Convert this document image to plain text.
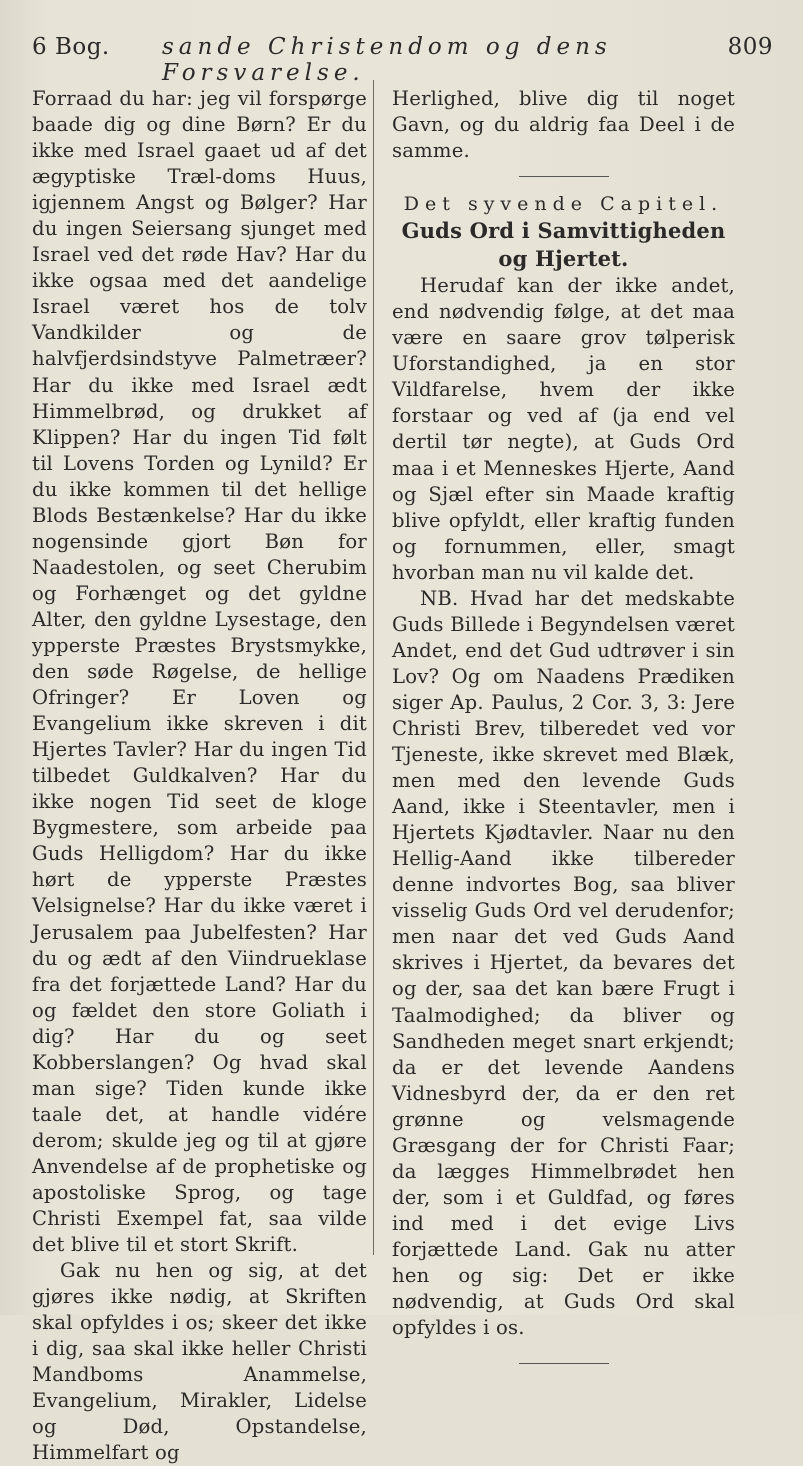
6 Bog. sande Christendom og dens Forsvarelse.
809

Forraad du har: jeg vil forspørge baade dig og dine Børn? Er du ikke med Israel gaaet ud af det ægyptiske Træl-doms Huus, igjennem Angst og Bølger? Har du ingen Seiersang sjunget med Israel ved det røde Hav? Har du ikke ogsaa med det aandelige Israel været hos de tolv Vandkilder og de halvfjerdsindstyve Palmetræer? Har du ikke med Israel ædt Himmelbrød, og drukket af Klippen? Har du ingen Tid følt til Lovens Torden og Lynild? Er du ikke kommen til det hellige Blods Bestænkelse? Har du ikke nogensinde gjort Bøn for Naadestolen, og seet Cherubim og Forhænget og det gyldne Alter, den gyldne Lysestage, den ypperste Præstes Brystsmykke, den søde Røgelse, de hellige Ofringer? Er Loven og Evangelium ikke skreven i dit Hjertes Tavler? Har du ingen Tid tilbedet Guldkalven? Har du ikke nogen Tid seet de kloge Bygmestere, som arbeide paa Guds Helligdom? Har du ikke hørt de ypperste Præstes Velsignelse? Har du ikke været i Jerusalem paa Jubelfesten? Har du og ædt af den Viindrueklase fra det forjættede Land? Har du og fældet den store Goliath i dig? Har du og seet Kobberslangen? Og hvad skal man sige? Tiden kunde ikke taale det, at handle vidére derom; skulde jeg og til at gjøre Anvendelse af de prophetiske og apostoliske Sprog, og tage Christi Exempel fat, saa vilde det blive til et stort Skrift.

Gak nu hen og sig, at det gjøres ikke nødig, at Skriften skal opfyldes i os; skeer det ikke i dig, saa skal ikke heller Christi Mandboms Anammelse, Evangelium, Mirakler, Lidelse og Død, Opstandelse, Himmelfart og

Herlighed, blive dig til noget Gavn, og du aldrig faa Deel i de samme.

Det syvende Capitel.

Guds Ord i Samvittigheden og Hjertet.

Herudaf kan der ikke andet, end nødvendig følge, at det maa være en saare grov tølperisk Uforstandighed, ja en stor Vildfarelse, hvem der ikke forstaar og ved af (ja end vel dertil tør negte), at Guds Ord maa i et Menneskes Hjerte, Aand og Sjæl efter sin Maade kraftig blive opfyldt, eller kraftig funden og fornummen, eller, smagt hvorban man nu vil kalde det.

NB. Hvad har det medskabte Guds Billede i Begyndelsen været Andet, end det Gud udtrøver i sin Lov? Og om Naadens Prædiken siger Ap. Paulus, 2 Cor. 3, 3: Jere Christi Brev, tilberedet ved vor Tjeneste, ikke skrevet med Blæk, men med den levende Guds Aand, ikke i Steentavler, men i Hjertets Kjødtavler. Naar nu den Hellig-Aand ikke tilbereder denne indvortes Bog, saa bliver visselig Guds Ord vel derudenfor; men naar det ved Guds Aand skrives i Hjertet, da bevares det og der, saa det kan bære Frugt i Taalmodighed; da bliver og Sandheden meget snart erkjendt; da er det levende Aandens Vidnesbyrd der, da er den ret grønne og velsmagende Græsgang der for Christi Faar; da lægges Himmelbrødet hen der, som i et Guldfad, og føres ind med i det evige Livs forjættede Land. Gak nu atter hen og sig: Det er ikke nødvendig, at Guds Ord skal opfyldes i os.
